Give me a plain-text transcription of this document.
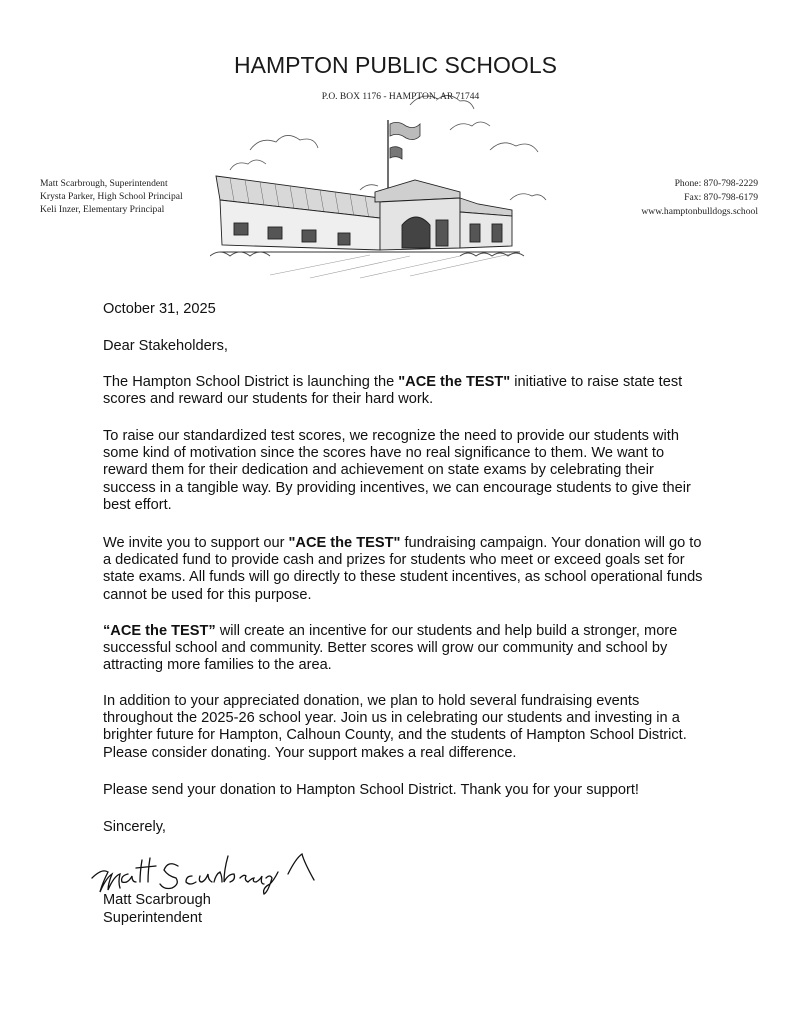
HAMPTON PUBLIC SCHOOLS
P.O. BOX 1176 - HAMPTON, AR 71744
Matt Scarbrough, Superintendent
Krysta Parker, High School Principal
Keli Inzer, Elementary Principal
Phone: 870-798-2229
Fax: 870-798-6179
www.hamptonbulldogs.school

October 31, 2025

Dear Stakeholders,

The Hampton School District is launching the "ACE the TEST" initiative to raise state test scores and reward our students for their hard work.

To raise our standardized test scores, we recognize the need to provide our students with some kind of motivation since the scores have no real significance to them. We want to reward them for their dedication and achievement on state exams by celebrating their success in a tangible way. By providing incentives, we can encourage students to give their best effort.

We invite you to support our "ACE the TEST" fundraising campaign. Your donation will go to a dedicated fund to provide cash and prizes for students who meet or exceed goals set for state exams. All funds will go directly to these student incentives, as school operational funds cannot be used for this purpose.

“ACE the TEST” will create an incentive for our students and help build a stronger, more successful school and community. Better scores will grow our community and school by attracting more families to the area.

In addition to your appreciated donation, we plan to hold several fundraising events throughout the 2025-26 school year. Join us in celebrating our students and investing in a brighter future for Hampton, Calhoun County, and the students of Hampton School District. Please consider donating. Your support makes a real difference.

Please send your donation to Hampton School District. Thank you for your support!

Sincerely,

Matt Scarbrough

Superintendent
